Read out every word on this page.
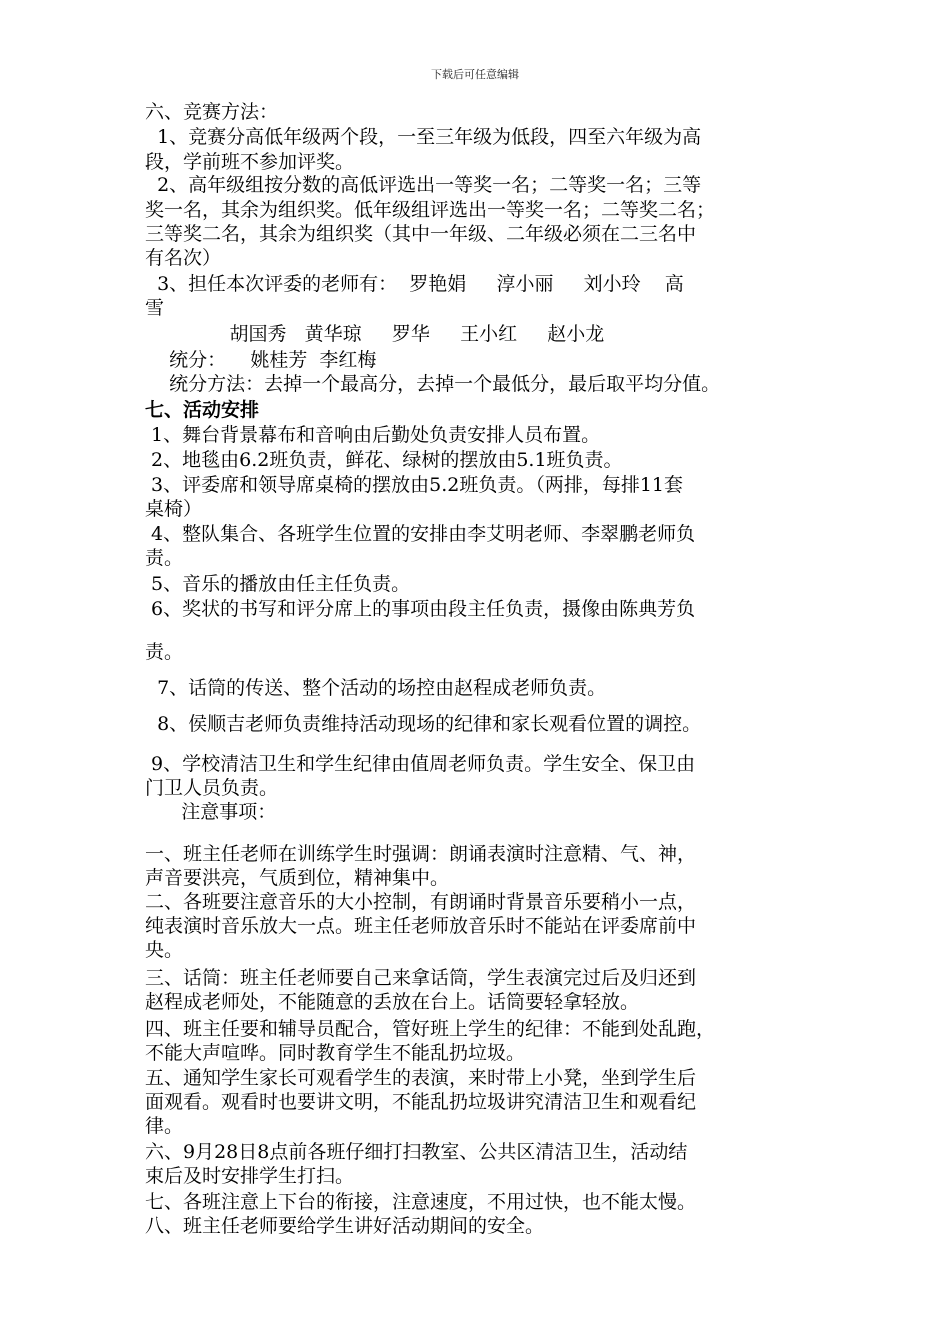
下载后可任意编辑
六、竞赛方法：
1、竞赛分高低年级两个段，一至三年级为低段，四至六年级为高
段，学前班不参加评奖。
2、高年级组按分数的高低评选出一等奖一名；二等奖一名；三等
奖一名，其余为组织奖。低年级组评选出一等奖一名；二等奖二名；
三等奖二名，其余为组织奖（其中一年级、二年级必须在二三名中
有名次）
3、担任本次评委的老师有：  罗艳娟     淳小丽     刘小玲    高
雪
胡国秀   黄华琼     罗华     王小红     赵小龙
统分：    姚桂芳  李红梅
统分方法：去掉一个最高分，去掉一个最低分，最后取平均分值。
七、活动安排
1、舞台背景幕布和音响由后勤处负责安排人员布置。
2、地毯由6.2班负责，鲜花、绿树的摆放由5.1班负责。
3、评委席和领导席桌椅的摆放由5.2班负责。（两排，每排11套
桌椅）
4、整队集合、各班学生位置的安排由李艾明老师、李翠鹏老师负
责。
5、音乐的播放由任主任负责。
6、奖状的书写和评分席上的事项由段主任负责，摄像由陈典芳负
责。
7、话筒的传送、整个活动的场控由赵程成老师负责。
8、侯顺吉老师负责维持活动现场的纪律和家长观看位置的调控。
9、学校清洁卫生和学生纪律由值周老师负责。学生安全、保卫由
门卫人员负责。
注意事项：
一、班主任老师在训练学生时强调：朗诵表演时注意精、气、神，
声音要洪亮，气质到位，精神集中。
二、各班要注意音乐的大小控制，有朗诵时背景音乐要稍小一点，
纯表演时音乐放大一点。班主任老师放音乐时不能站在评委席前中
央。
三、话筒：班主任老师要自己来拿话筒，学生表演完过后及归还到
赵程成老师处，不能随意的丢放在台上。话筒要轻拿轻放。
四、班主任要和辅导员配合，管好班上学生的纪律：不能到处乱跑，
不能大声喧哗。同时教育学生不能乱扔垃圾。
五、通知学生家长可观看学生的表演，来时带上小凳，坐到学生后
面观看。观看时也要讲文明，不能乱扔垃圾讲究清洁卫生和观看纪
律。
六、9月28日8点前各班仔细打扫教室、公共区清洁卫生，活动结
束后及时安排学生打扫。
七、各班注意上下台的衔接，注意速度，不用过快，也不能太慢。
八、班主任老师要给学生讲好活动期间的安全。
